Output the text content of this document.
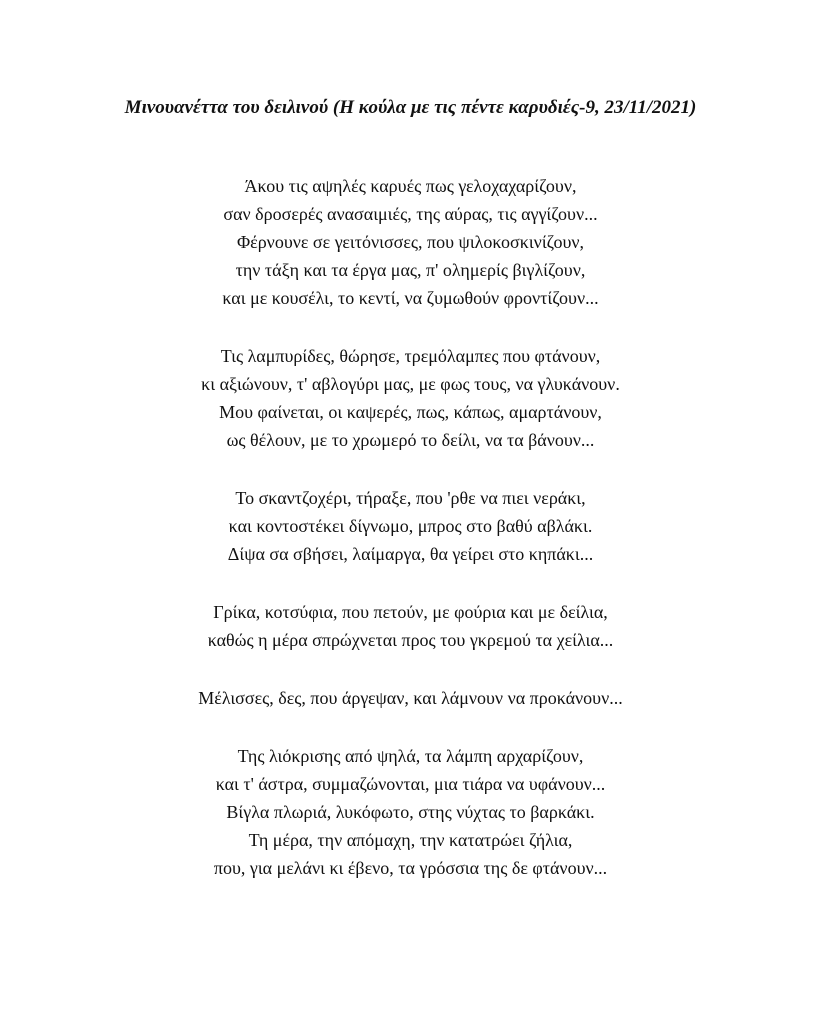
Μινουανέττα του δειλινού (Η κούλα με τις πέντε καρυδιές-9, 23/11/2021)
Άκου τις αψηλές καρυές πως γελοχαχαρίζουν,
σαν δροσερές ανασαιμιές, της αύρας, τις αγγίζουν...
Φέρνουνε σε γειτόνισσες, που ψιλοκοσκινίζουν,
την τάξη και τα έργα μας, π' ολημερίς βιγλίζουν,
και με κουσέλι, το κεντί, να ζυμωθούν φροντίζουν...
Τις λαμπυρίδες, θώρησε, τρεμόλαμπες που φτάνουν,
κι αξιώνουν, τ' αβλογύρι μας, με φως τους, να γλυκάνουν.
Μου φαίνεται, οι καψερές, πως, κάπως, αμαρτάνουν,
ως θέλουν, με το χρωμερό το δείλι, να τα βάνουν...
Το σκαντζοχέρι, τήραξε, που 'ρθε να πιει νεράκι,
και κοντοστέκει δίγνωμο, μπρος στο βαθύ αβλάκι.
Δίψα σα σβήσει, λαίμαργα, θα γείρει στο κηπάκι...
Γρίκα, κοτσύφια, που πετούν, με φούρια και με δείλια,
καθώς η μέρα σπρώχνεται προς του γκρεμού τα χείλια...
Μέλισσες, δες, που άργεψαν, και λάμνουν να προκάνουν...
Της λιόκρισης από ψηλά, τα λάμπη αρχαρίζουν,
και τ' άστρα, συμμαζώνονται, μια τιάρα να υφάνουν...
Βίγλα πλωριά, λυκόφωτο, στης νύχτας το βαρκάκι.
Τη μέρα, την απόμαχη, την κατατρώει ζήλια,
που, για μελάνι κι έβενο, τα γρόσσια της δε φτάνουν...
